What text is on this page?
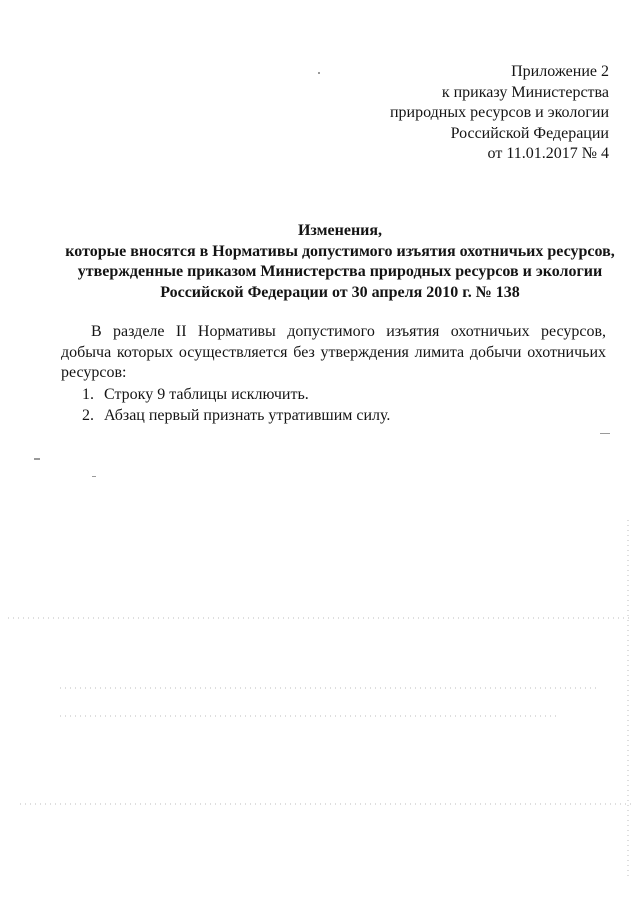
Приложение 2
к приказу Министерства
природных ресурсов и экологии
Российской Федерации
от 11.01.2017 № 4
Изменения,
которые вносятся в Нормативы допустимого изъятия охотничьих ресурсов,
утвержденные приказом Министерства природных ресурсов и экологии
Российской Федерации от 30 апреля 2010 г. № 138
В разделе II Нормативы допустимого изъятия охотничьих ресурсов, добыча которых осуществляется без утверждения лимита добычи охотничьих ресурсов:
1. Строку 9 таблицы исключить.
2. Абзац первый признать утратившим силу.
